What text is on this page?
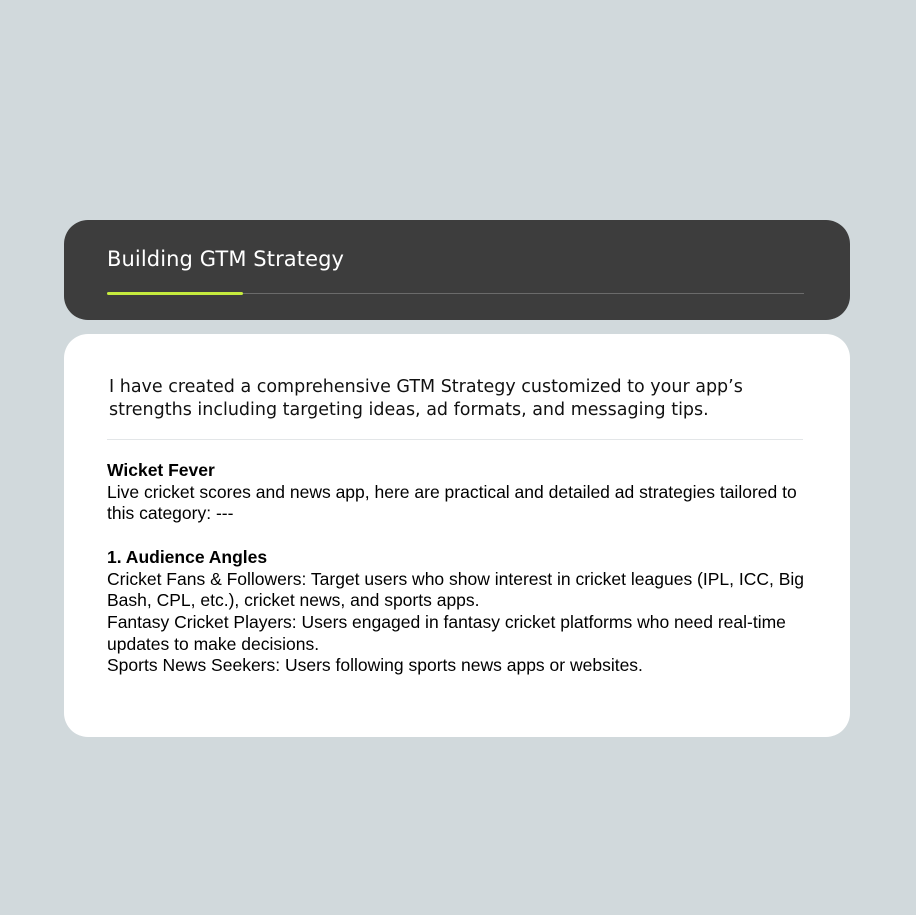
Building GTM Strategy
I have created a comprehensive GTM Strategy customized to your app’s strengths including targeting ideas, ad formats, and messaging tips.

Wicket Fever

Live cricket scores and news app, here are practical and detailed ad strategies tailored to this category: ---

1. Audience Angles

Cricket Fans & Followers: Target users who show interest in cricket leagues (IPL, ICC, Big Bash, CPL, etc.), cricket news, and sports apps.

Fantasy Cricket Players: Users engaged in fantasy cricket platforms who need real-time updates to make decisions.

Sports News Seekers: Users following sports news apps or websites.
